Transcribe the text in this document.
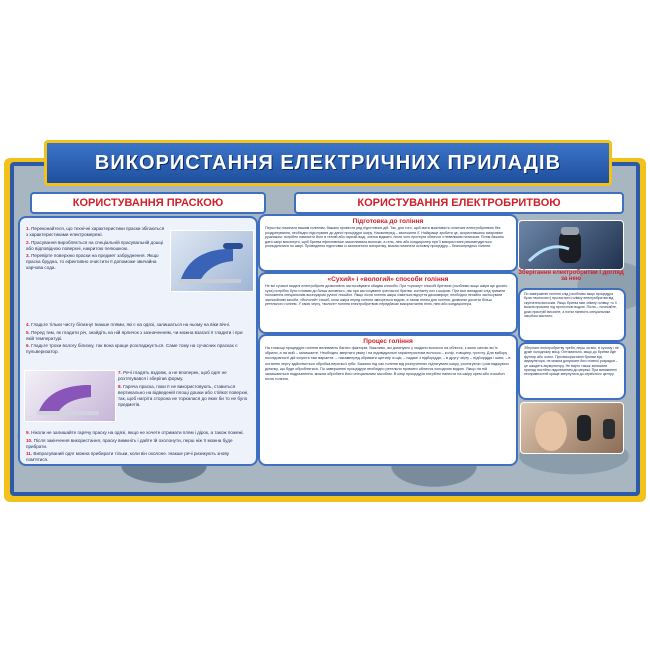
ВИКОРИСТАННЯ ЕЛЕКТРИЧНИХ ПРИЛАДІВ
КОРИСТУВАННЯ ПРАСКОЮ

1. Переконайтеся, що технічні характеристики праски збігаються з характеристиками електромережі.

2. Прасування виробляється на спеціальній прасувальній дошці або відповідною поверхні, накритою пелюшкою.

3. Перевірте поверхню праски на предмет забруднення. Якщо праска брудна, то ефективно очистити її допоможе звичайна харчова сода.

4. Гладьте тільки чисту білизну! Інакше плями, які є на одязі, залишаться на ньому на віки вічні.

5. Перед тим, як гладити річ, знайдіть на ній ярличок з зазначенням, чи можна взагалі її гладити і при якій температурі.

6. Гладьте трохи вологу білизну, так вона краще розгладжується. Саме тому на сучасних прасках є пульверизатор.

7. Речі гладять вздовж, а не впоперек, щоб одяг не розтягувався і зберігав форму.

8. Гаряча праска, поки її не використовують, ставиться вертикально на відведеній площі дошки або стійкої поверхні, так, щоб нагріта сторона не торкалася до яких би то не було предметів.

9. Ніколи не залишайте гарячу праску на одязі, якщо не хочете отримати плям і дірок, а також пожежі.

10. Після закінчення використання, праску вимкніть і дайте їй охолонути, перш ніж її можна буде прибрати.

11. Випрасуваний одяг можна прибирати тільки, коли він охолоне. Інакше речі ризикують знову пом'ятися.

КОРИСТУВАННЯ ЕЛЕКТРОБРИТВОЮ
Підготовка до гоління
Перш ніж починати вашим голінням, бажано провести ряд підготовчих дій. Так, для того, щоб мати можливість голитися електробритвою без роздратування, необхідно підготувати до даної процедури шкіру. Насамперед – зволожити її. Найкраще зробити це, скориставшись махровим рушником: потрібно намочити його в теплій або гарячій воді, злегка віджати, після чого протерти обличчя з невеликим натиском. Потім бажано дати шкірі висохнути, щоб бритва ефективніше захоплювала волоски, а гель, лінь або кондиціонер при її використанні рекомендується розподілятися по шкірі. Проведення підготовки із зазначеного алгоритму, можна починати основну процедуру – безпосередньо гоління.
«Сухий» і «вологий» способи гоління
Не всі сучасні моделі електробритв дозволяють застосовувати обидва способи. При «сухому» способі бритвою (особливо якщо шкіра ще досить суха) потрібно бути готовим до більш активного, ніж при застосуванні гратчастої бритви, контакту лез з шкірою. При всіх випадках слід тримати положення спеціальним аксесуаром ручної лосьйон. Якщо після гоління шкіра з'явиться відчуття дискомфорт, необхідно негайно застосувати заспокійливі засоби. «Вологий» спосіб, коли шкіра перед гоління змочується водою, а також гелем для гоління, дозволяє досягти більш ретельного гоління. У свою чергу, «вологе» гоління електробритвою передбачає використання гелю, піни або кондиціонера.
Зберігання електробритви і догляд за нею
По завершенні гоління слід (особливо якщо процедура була «вологою») прочистити голівку електробритви від скупчення волосків. Якщо бритва має знімну голівку, то її можна промити під проточною водою. Після – почекайте, доки пристрій висохне, а потім нанесіть спеціальним засобом мастило.
Зберігати електробритву треба, перш за все, в сухому і не дуже холодному місці. Оптимально, якщо до бритви йде футляр або чохол. При використанні бритви від акумулятора, не можна допускати його повної розрядки – це шкодить акумулятору. Не варто також залишати прилад постійно підключеним до мережі. При виникненні несправностей краще звернутися до сервісного центру.
Процес гоління
На тонкощі процедури гоління впливають багато факторів. Важливо, які домінуючі у людини волосся на обличчі, з якою силою ви їх збрили, а на якій – залишаєте. Необхідно звертати увагу і на індивідуальні характеристики волосся – колір, товщину, густоту. Для вибору послідовності дій існують такі варіанти: – насамперед збривати щетину зі щік; – надалі з підборіддя; – в другу чергу – підборіддя і шию; – в останню чергу здійснюється обробка верхньої губи. Бажано під час гоління від розлученнях підтягувати шкіру, розтягуючи і розгладжуючи ділянку, що буде оброблятися. По завершенні процедури необхідно ретельно промити обличчя холодною водою. Якщо на ній залишаються подразнення, можна обробити його спеціальним засобом. В кінці процедури потрібно нанести на шкіру крем або лосьйон після гоління.
